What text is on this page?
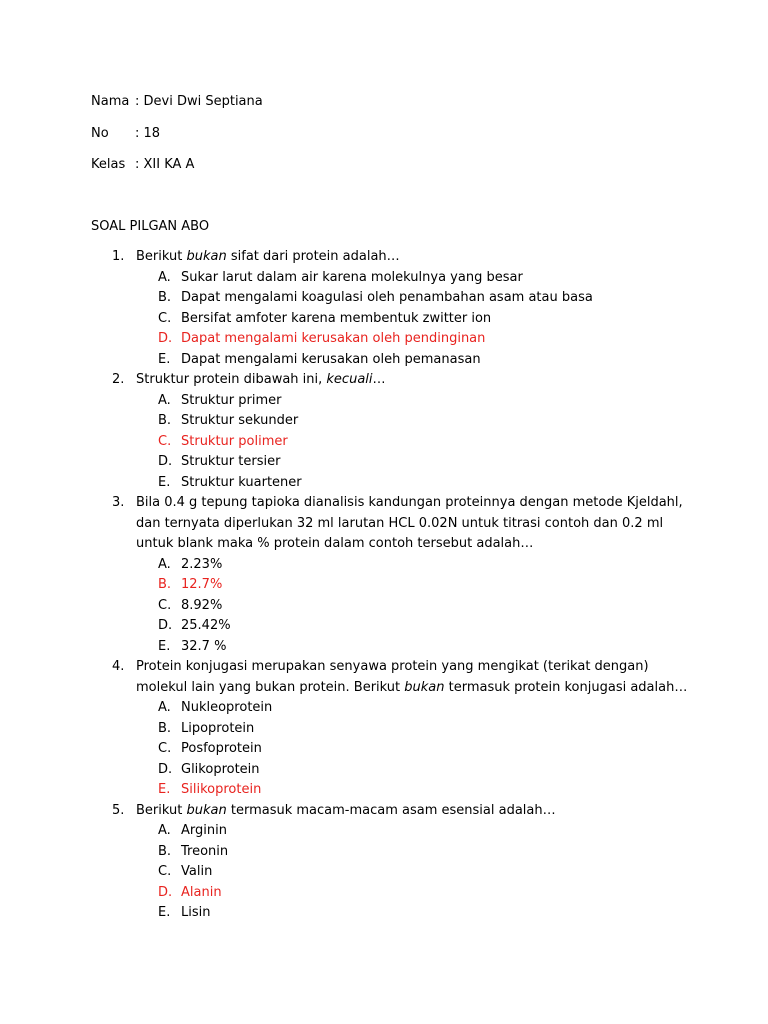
Nama : Devi Dwi Septiana
No : 18
Kelas : XII KA A
SOAL PILGAN ABO
1. Berikut bukan sifat dari protein adalah…
A. Sukar larut dalam air karena molekulnya yang besar
B. Dapat mengalami koagulasi oleh penambahan asam atau basa
C. Bersifat amfoter karena membentuk zwitter ion
D. Dapat mengalami kerusakan oleh pendinginan
E. Dapat mengalami kerusakan oleh pemanasan
2. Struktur protein dibawah ini, kecuali…
A. Struktur primer
B. Struktur sekunder
C. Struktur polimer
D. Struktur tersier
E. Struktur kuartener
3. Bila 0.4 g tepung tapioka dianalisis kandungan proteinnya dengan metode Kjeldahl, dan ternyata diperlukan 32 ml larutan HCL 0.02N untuk titrasi contoh dan 0.2 ml untuk blank maka % protein dalam contoh tersebut adalah…
A. 2.23%
B. 12.7%
C. 8.92%
D. 25.42%
E. 32.7 %
4. Protein konjugasi merupakan senyawa protein yang mengikat (terikat dengan) molekul lain yang bukan protein. Berikut bukan termasuk protein konjugasi adalah…
A. Nukleoprotein
B. Lipoprotein
C. Posfoprotein
D. Glikoprotein
E. Silikoprotein
5. Berikut bukan termasuk macam-macam asam esensial adalah…
A. Arginin
B. Treonin
C. Valin
D. Alanin
E. Lisin
